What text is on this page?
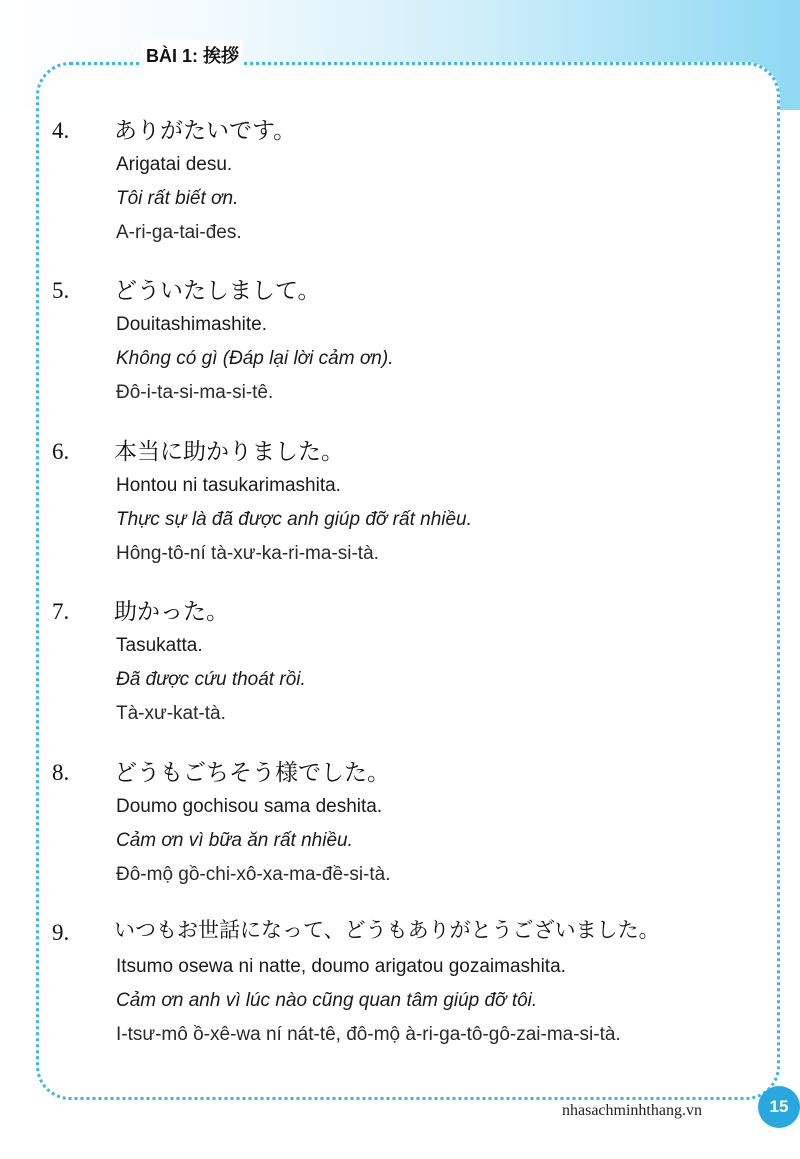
BÀI 1: 挨拶
4. ありがたいです。
Arigatai desu.
Tôi rất biết ơn.
A-ri-ga-tai-đes.
5. どういたしまして。
Douitashimashite.
Không có gì (Đáp lại lời cảm ơn).
Đô-i-ta-si-ma-si-tê.
6. 本当に助かりました。
Hontou ni tasukarimashita.
Thực sự là đã được anh giúp đỡ rất nhiều.
Hông-tô-ní tà-xư-ka-ri-ma-si-tà.
7. 助かった。
Tasukatta.
Đã được cứu thoát rồi.
Tà-xư-kat-tà.
8. どうもごちそう様でした。
Doumo gochisou sama deshita.
Cảm ơn vì bữa ăn rất nhiều.
Đô-mộ gồ-chi-xô-xa-ma-đề-si-tà.
9. いつもお世話になって、どうもありがとうございました。
Itsumo osewa ni natte, doumo arigatou gozaimashita.
Cảm ơn anh vì lúc nào cũng quan tâm giúp đỡ tôi.
I-tsư-mô ồ-xê-wa ní nát-tê, đô-mộ à-ri-ga-tô-gô-zai-ma-si-tà.
15
nhasachminhthang.vn
